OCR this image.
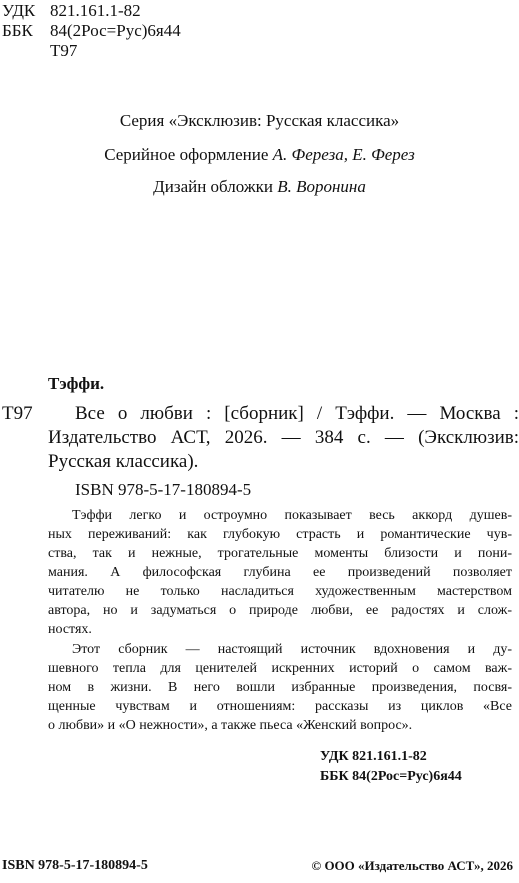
УДК 821.161.1-82
ББК 84(2Рос=Рус)6я44
Т97
Серия «Эксклюзив: Русская классика»
Серийное оформление А. Фереза, Е. Ферез
Дизайн обложки В. Воронина
Тэффи.
Т97 Все о любви : [сборник] / Тэффи. — Москва :
Издательство АСТ, 2026. — 384 с. — (Эксклюзив:
Русская классика).
ISBN 978-5-17-180894-5
Тэффи легко и остроумно показывает весь аккорд душев-
ных переживаний: как глубокую страсть и романтические чув-
ства, так и нежные, трогательные моменты близости и пони-
мания. А философская глубина ее произведений позволяет
читателю не только насладиться художественным мастерством
автора, но и задуматься о природе любви, ее радостях и слож-
ностях.
Этот сборник — настоящий источник вдохновения и ду-
шевного тепла для ценителей искренних историй о самом важ-
ном в жизни. В него вошли избранные произведения, посвя-
щенные чувствам и отношениям: рассказы из циклов «Все
о любви» и «О нежности», а также пьеса «Женский вопрос».
УДК 821.161.1-82
ББК 84(2Рос=Рус)6я44
ISBN 978-5-17-180894-5	© ООО «Издательство АСТ», 2026
